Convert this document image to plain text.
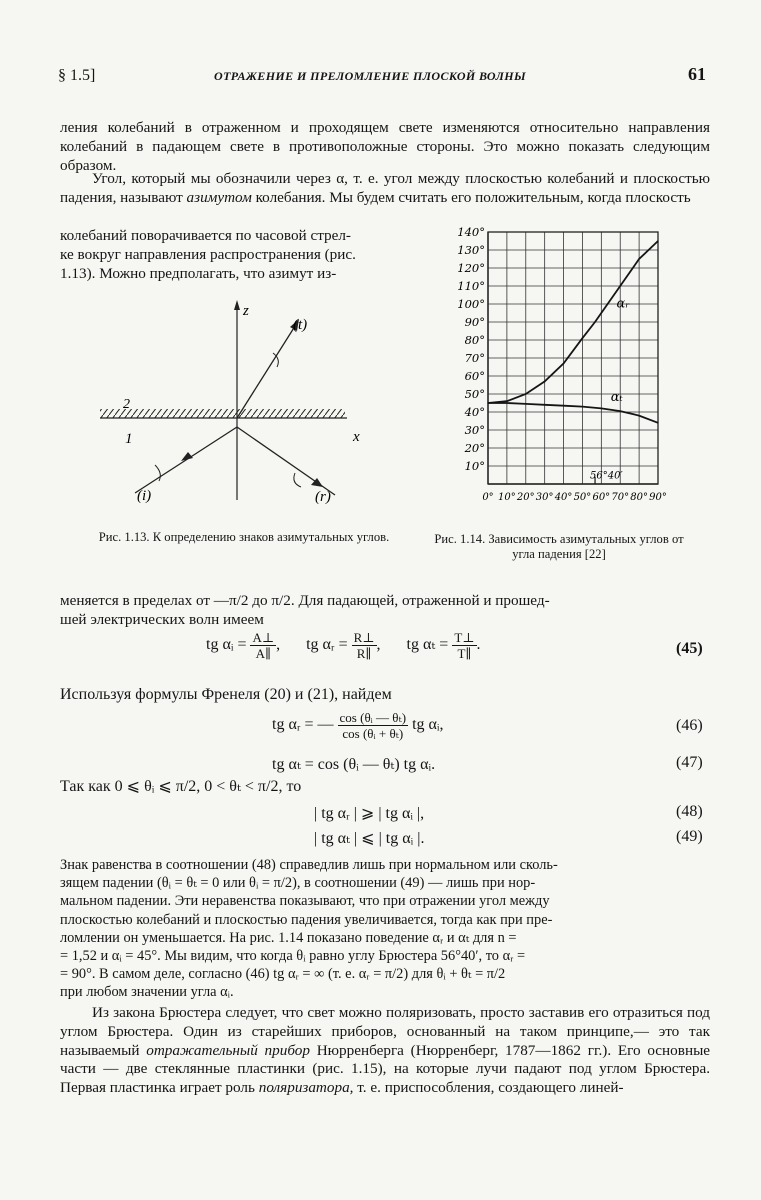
§ 1.5]	ОТРАЖЕНИЕ И ПРЕЛОМЛЕНИЕ ПЛОСКОЙ ВОЛНЫ	61
ления колебаний в отраженном и проходящем свете изменяются относительно направления колебаний в падающем свете в противоположные стороны. Это можно показать следующим образом.
Угол, который мы обозначили через α, т. е. угол между плоскостью колебаний и плоскостью падения, называют азимутом колебания. Мы будем считать его положительным, когда плоскость
колебаний поворачивается по часовой стрел-
ке вокруг направления распространения (рис.
1.13). Можно предполагать, что азимут из-
z
x
1
2
(i)	(r)
(t)
10°
20°
30°
40°
50°
60°
70°
80°
90°
100°
110°
120°
130°
140°
0° 10° 20° 30° 40° 50° 60° 70° 80° 90°
αᵣ
αₜ
56°40′
Рис. 1.13. К определению знаков азимутальных углов.	Рис. 1.14. Зависимость азимутальных углов от угла падения [22]
меняется в пределах от —π/2 до π/2. Для падающей, отраженной и прошед-
шей электрических волн имеем
tg αᵢ = $\frac{A\perp}{A\parallel}$ , tg αᵣ = $\frac{R\perp}{R\parallel}$ , tg $\alpha_t = \frac{T\perp}{T\parallel}$ .	(45)
Используя формулы Френеля (20) и (21), найдем
tg αᵣ = — $\frac{\text{cos (θᵢ — θₜ)}}{\text{cos (θᵢ + θₜ)}}$ tg αᵢ,	(46)
tg αₜ = cos (θᵢ — θₜ) tg αᵢ.	(47)
Так как 0 ⩽ θᵢ ⩽ π/2, 0 < θₜ < π/2, то
| tg αᵣ | ⩾ | tg αᵢ |,	(48)
| tg αₜ | ⩽ | tg αᵢ |.	(49)
Знак равенства в соотношении (48) справедлив лишь при нормальном или сколь-
зящем падении (θᵢ = θₜ = 0 или θᵢ = π/2), в соотношении (49) — лишь при нор-
мальном падении. Эти неравенства показывают, что при отражении угол между
плоскостью колебаний и плоскостью падения увеличивается, тогда как при пре-
ломлении он уменьшается. На рис. 1.14 показано поведение αᵣ и αₜ для n =
= 1,52 и αᵢ = 45°. Мы видим, что когда θᵢ равно углу Брюстера 56°40′, то αᵣ =
= 90°. В самом деле, согласно (46) tg αᵣ = ∞ (т. е. αᵣ = π/2) для θᵢ + θₜ = π/2
при любом значении угла αᵢ.
Из закона Брюстера следует, что свет можно поляризовать, просто заставив его отразиться под углом Брюстера. Один из старейших приборов, основанный на таком принципе,— это так называемый отражательный прибор Нюрренберга (Нюрренберг, 1787—1862 гг.). Его основные части — две стеклянные пластинки (рис. 1.15), на которые лучи падают под углом Брюстера. Первая пластинка играет роль поляризатора, т. е. приспособления, создающего линей-
